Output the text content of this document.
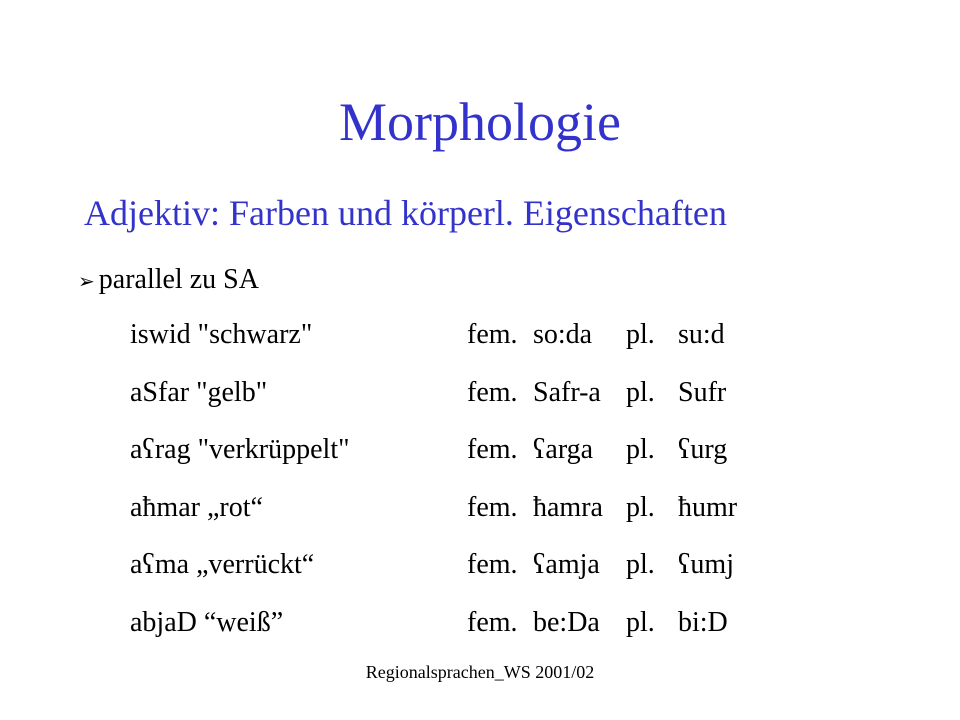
Morphologie
Adjektiv: Farben und körperl. Eigenschaften
➢ parallel zu SA
iswid "schwarz"	fem. so:da pl. su:d
aSfar "gelb"	fem. Safr-a pl. Sufr
aʕrag "verkrüppelt"	fem. ʕarga pl. ʕurg
aħmar „rot“	fem. ħamra pl. ħumr
aʕma „verrückt“	fem. ʕamja pl. ʕumj
abjaD “weiß”	fem. be:Da pl. bi:D
Regionalsprachen_WS 2001/02
